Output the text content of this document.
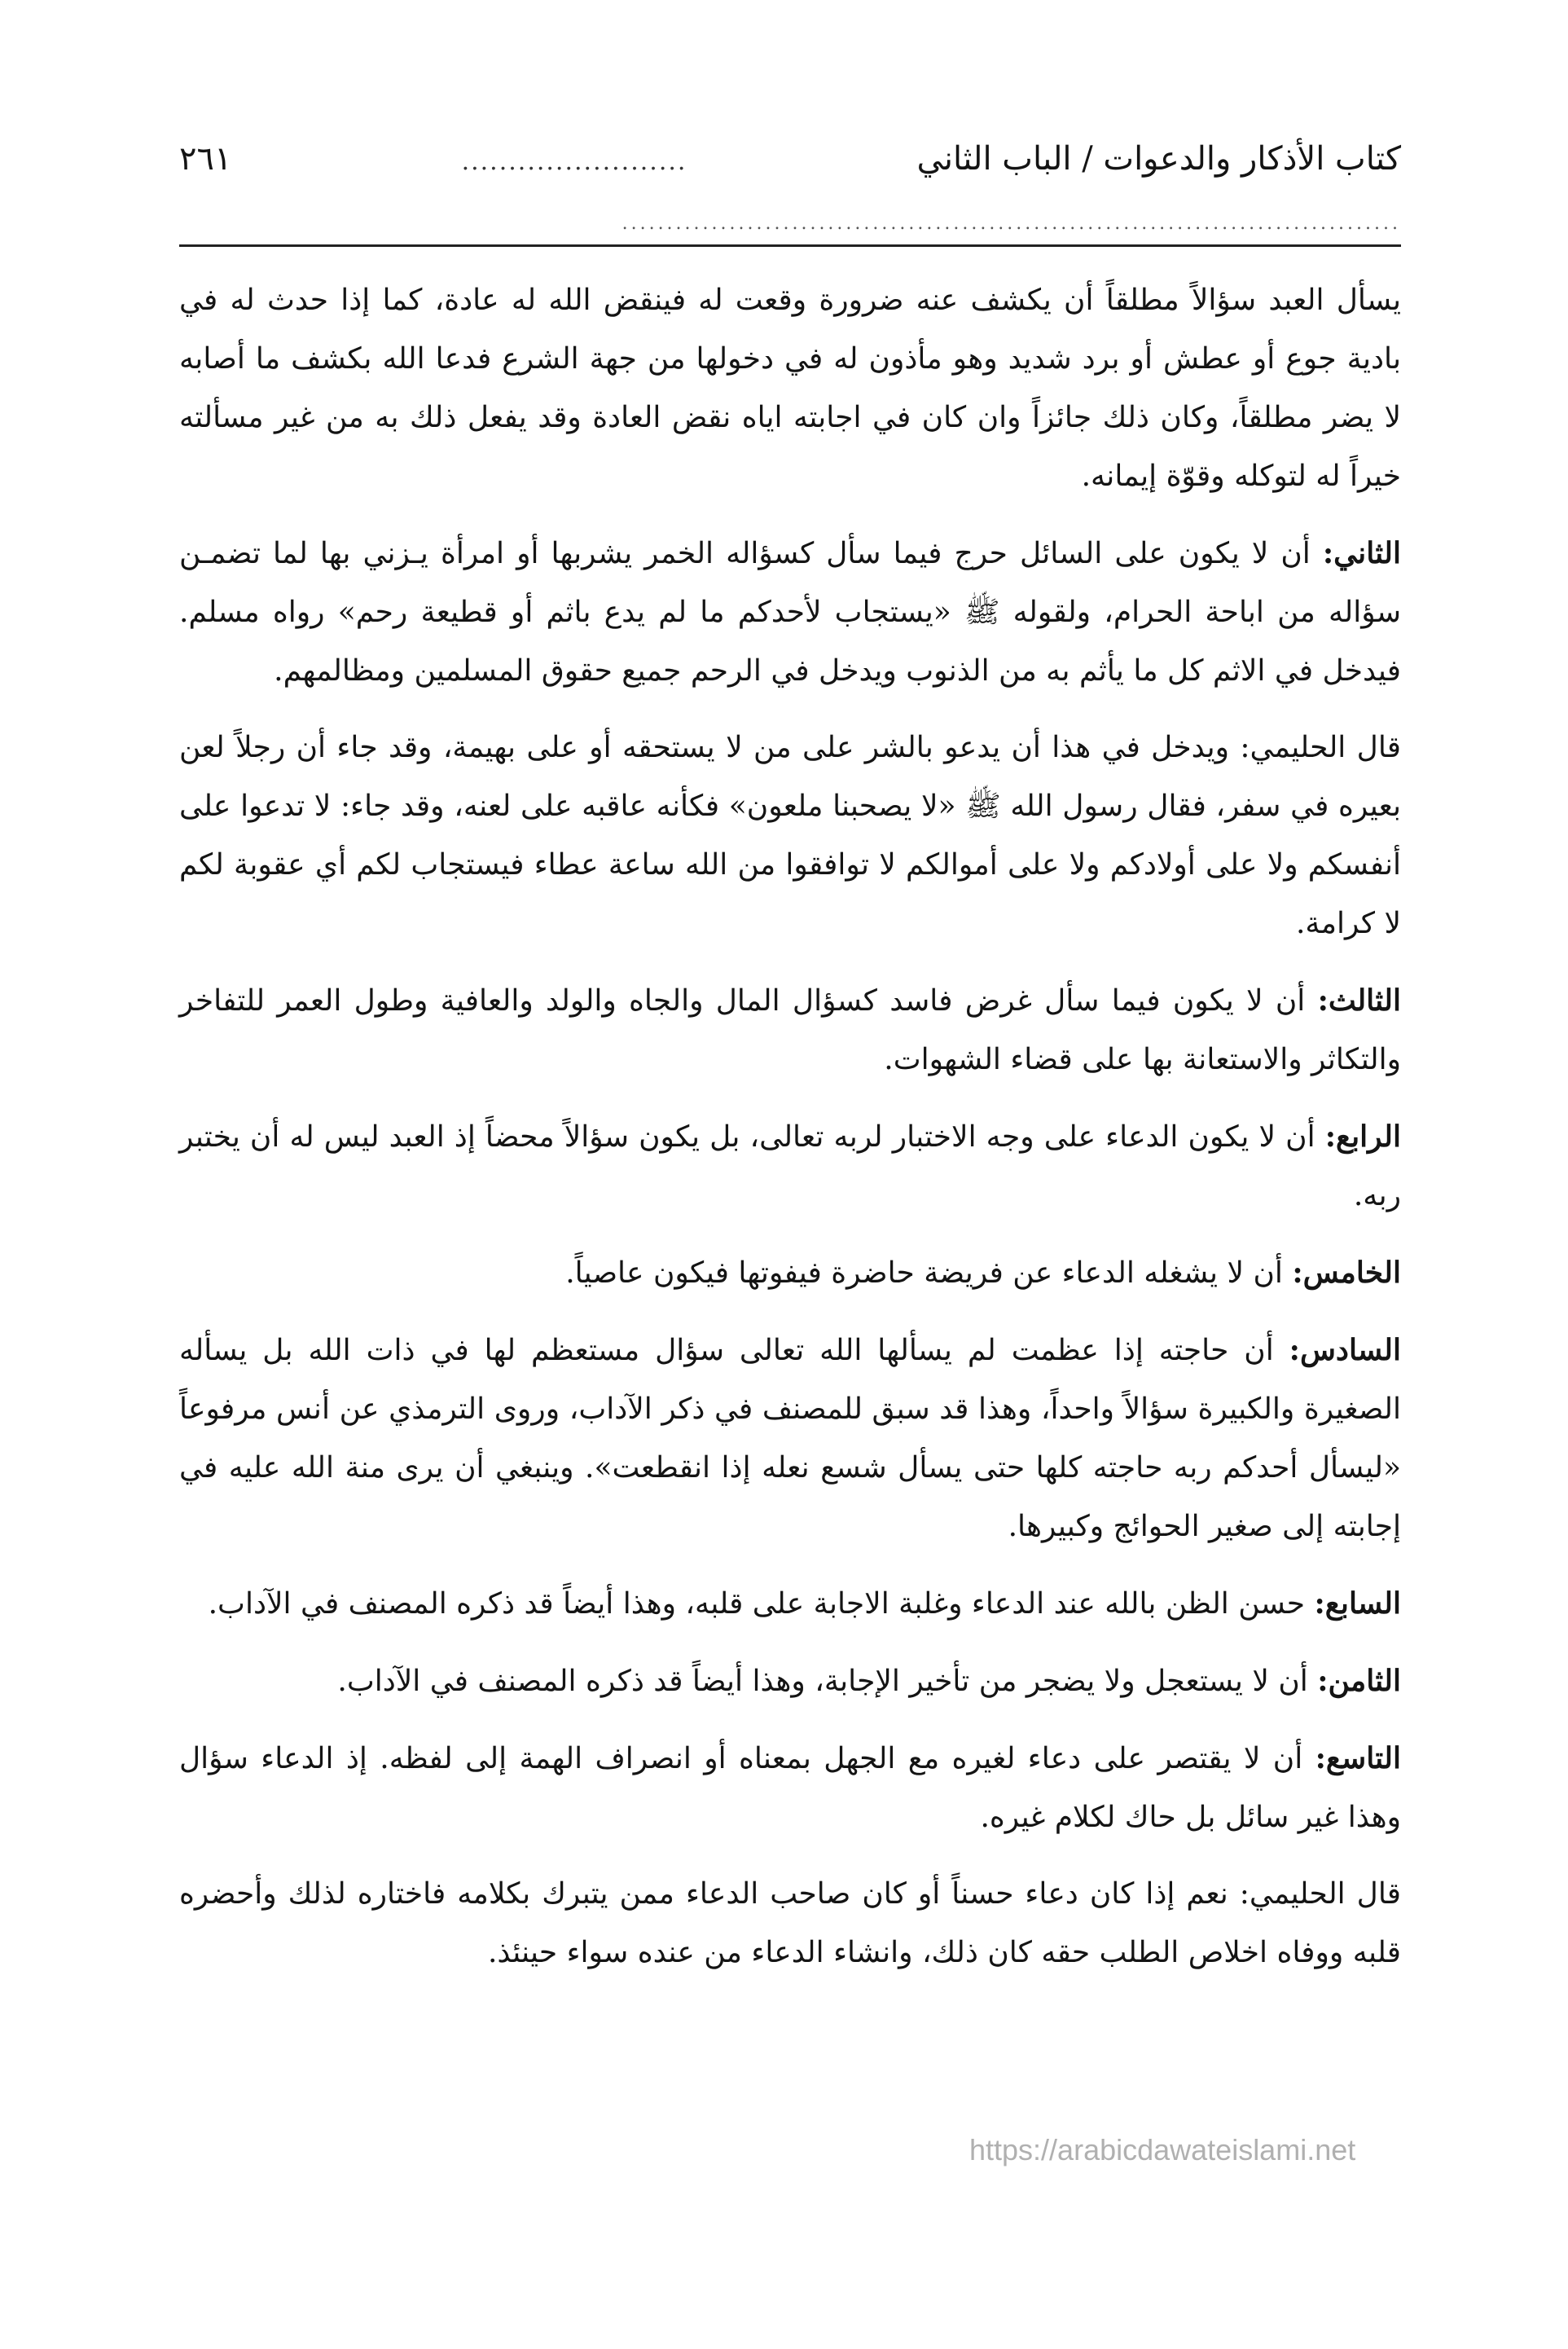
كتاب الأذكار والدعوات / الباب الثاني
........................
٢٦١
.......................................................................................

يسأل العبد سؤالاً مطلقاً أن يكشف عنه ضرورة وقعت له فينقض الله له عادة، كما إذا حدث له في بادية جوع أو عطش أو برد شديد وهو مأذون له في دخولها من جهة الشرع فدعا الله بكشف ما أصابه لا يضر مطلقاً، وكان ذلك جائزاً وان كان في اجابته اياه نقض العادة وقد يفعل ذلك به من غير مسألته خيراً له لتوكله وقوّة إيمانه.

الثاني: أن لا يكون على السائل حرج فيما سأل كسؤاله الخمر يشربها أو امرأة يـزني بها لما تضمـن سؤاله من اباحة الحرام، ولقوله ﷺ «يستجاب لأحدكم ما لم يدع باثم أو قطيعة رحم» رواه مسلم. فيدخل في الاثم كل ما يأثم به من الذنوب ويدخل في الرحم جميع حقوق المسلمين ومظالمهم.

قال الحليمي: ويدخل في هذا أن يدعو بالشر على من لا يستحقه أو على بهيمة، وقد جاء أن رجلاً لعن بعيره في سفر، فقال رسول الله ﷺ «لا يصحبنا ملعون» فكأنه عاقبه على لعنه، وقد جاء: لا تدعوا على أنفسكم ولا على أولادكم ولا على أموالكم لا توافقوا من الله ساعة عطاء فيستجاب لكم أي عقوبة لكم لا كرامة.

الثالث: أن لا يكون فيما سأل غرض فاسد كسؤال المال والجاه والولد والعافية وطول العمر للتفاخر والتكاثر والاستعانة بها على قضاء الشهوات.

الرابع: أن لا يكون الدعاء على وجه الاختبار لربه تعالى، بل يكون سؤالاً محضاً إذ العبد ليس له أن يختبر ربه.

الخامس: أن لا يشغله الدعاء عن فريضة حاضرة فيفوتها فيكون عاصياً.

السادس: أن حاجته إذا عظمت لم يسألها الله تعالى سؤال مستعظم لها في ذات الله بل يسأله الصغيرة والكبيرة سؤالاً واحداً، وهذا قد سبق للمصنف في ذكر الآداب، وروى الترمذي عن أنس مرفوعاً «ليسأل أحدكم ربه حاجته كلها حتى يسأل شسع نعله إذا انقطعت». وينبغي أن يرى منة الله عليه في إجابته إلى صغير الحوائج وكبيرها.

السابع: حسن الظن بالله عند الدعاء وغلبة الاجابة على قلبه، وهذا أيضاً قد ذكره المصنف في الآداب.

الثامن: أن لا يستعجل ولا يضجر من تأخير الإجابة، وهذا أيضاً قد ذكره المصنف في الآداب.

التاسع: أن لا يقتصر على دعاء لغيره مع الجهل بمعناه أو انصراف الهمة إلى لفظه. إذ الدعاء سؤال وهذا غير سائل بل حاك لكلام غيره.

قال الحليمي: نعم إذا كان دعاء حسناً أو كان صاحب الدعاء ممن يتبرك بكلامه فاختاره لذلك وأحضره قلبه ووفاه اخلاص الطلب حقه كان ذلك، وانشاء الدعاء من عنده سواء حينئذ.

https://arabicdawateislami.net
